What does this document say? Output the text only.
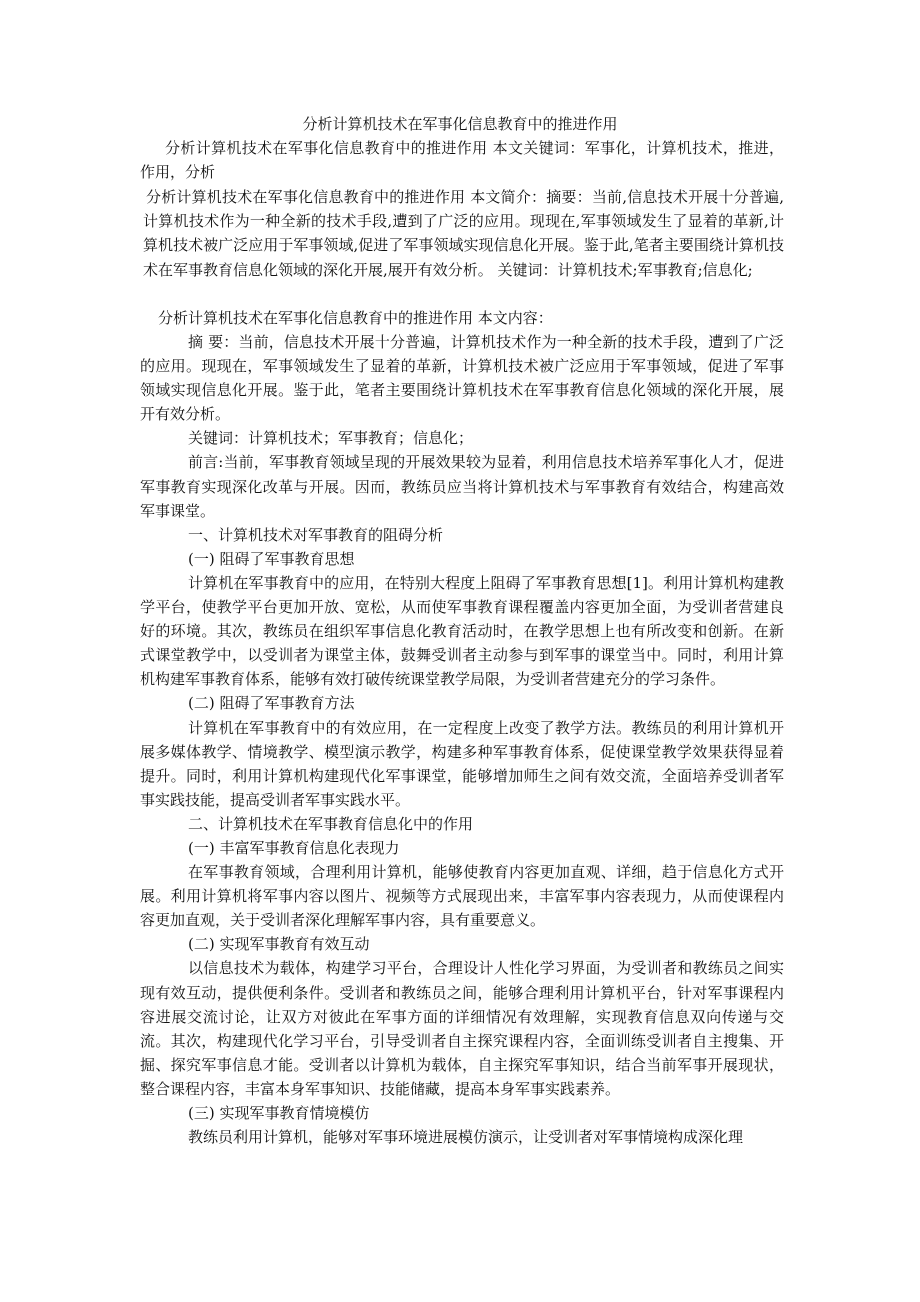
分析计算机技术在军事化信息教育中的推进作用
分析计算机技术在军事化信息教育中的推进作用 本文关键词：军事化，计算机技术，推进，作用，分析
分析计算机技术在军事化信息教育中的推进作用 本文简介：摘要：当前,信息技术开展十分普遍,计算机技术作为一种全新的技术手段,遭到了广泛的应用。现现在,军事领域发生了显着的革新,计算机技术被广泛应用于军事领域,促进了军事领域实现信息化开展。鉴于此,笔者主要围绕计算机技术在军事教育信息化领域的深化开展,展开有效分析。 关键词：计算机技术;军事教育;信息化;
分析计算机技术在军事化信息教育中的推进作用 本文内容：

摘 要：当前，信息技术开展十分普遍，计算机技术作为一种全新的技术手段，遭到了广泛的应用。现现在，军事领域发生了显着的革新，计算机技术被广泛应用于军事领域，促进了军事领域实现信息化开展。鉴于此，笔者主要围绕计算机技术在军事教育信息化领域的深化开展，展开有效分析。

关键词：计算机技术；军事教育；信息化；

前言:当前，军事教育领域呈现的开展效果较为显着，利用信息技术培养军事化人才，促进军事教育实现深化改革与开展。因而，教练员应当将计算机技术与军事教育有效结合，构建高效军事课堂。

一、计算机技术对军事教育的阻碍分析

(一) 阻碍了军事教育思想

计算机在军事教育中的应用，在特别大程度上阻碍了军事教育思想[1]。利用计算机构建教学平台，使教学平台更加开放、宽松，从而使军事教育课程覆盖内容更加全面，为受训者营建良好的环境。其次，教练员在组织军事信息化教育活动时，在教学思想上也有所改变和创新。在新式课堂教学中，以受训者为课堂主体，鼓舞受训者主动参与到军事的课堂当中。同时，利用计算机构建军事教育体系，能够有效打破传统课堂教学局限，为受训者营建充分的学习条件。

(二) 阻碍了军事教育方法

计算机在军事教育中的有效应用，在一定程度上改变了教学方法。教练员的利用计算机开展多媒体教学、情境教学、模型演示教学，构建多种军事教育体系，促使课堂教学效果获得显着提升。同时，利用计算机构建现代化军事课堂，能够增加师生之间有效交流，全面培养受训者军事实践技能，提高受训者军事实践水平。

二、计算机技术在军事教育信息化中的作用

(一) 丰富军事教育信息化表现力

在军事教育领域，合理利用计算机，能够使教育内容更加直观、详细，趋于信息化方式开展。利用计算机将军事内容以图片、视频等方式展现出来，丰富军事内容表现力，从而使课程内容更加直观，关于受训者深化理解军事内容，具有重要意义。

(二) 实现军事教育有效互动

以信息技术为载体，构建学习平台，合理设计人性化学习界面，为受训者和教练员之间实现有效互动，提供便利条件。受训者和教练员之间，能够合理利用计算机平台，针对军事课程内容进展交流讨论，让双方对彼此在军事方面的详细情况有效理解，实现教育信息双向传递与交流。其次，构建现代化学习平台，引导受训者自主探究课程内容，全面训练受训者自主搜集、开掘、探究军事信息才能。受训者以计算机为载体，自主探究军事知识，结合当前军事开展现状，整合课程内容，丰富本身军事知识、技能储藏，提高本身军事实践素养。

(三) 实现军事教育情境模仿

教练员利用计算机，能够对军事环境进展模仿演示，让受训者对军事情境构成深化理
